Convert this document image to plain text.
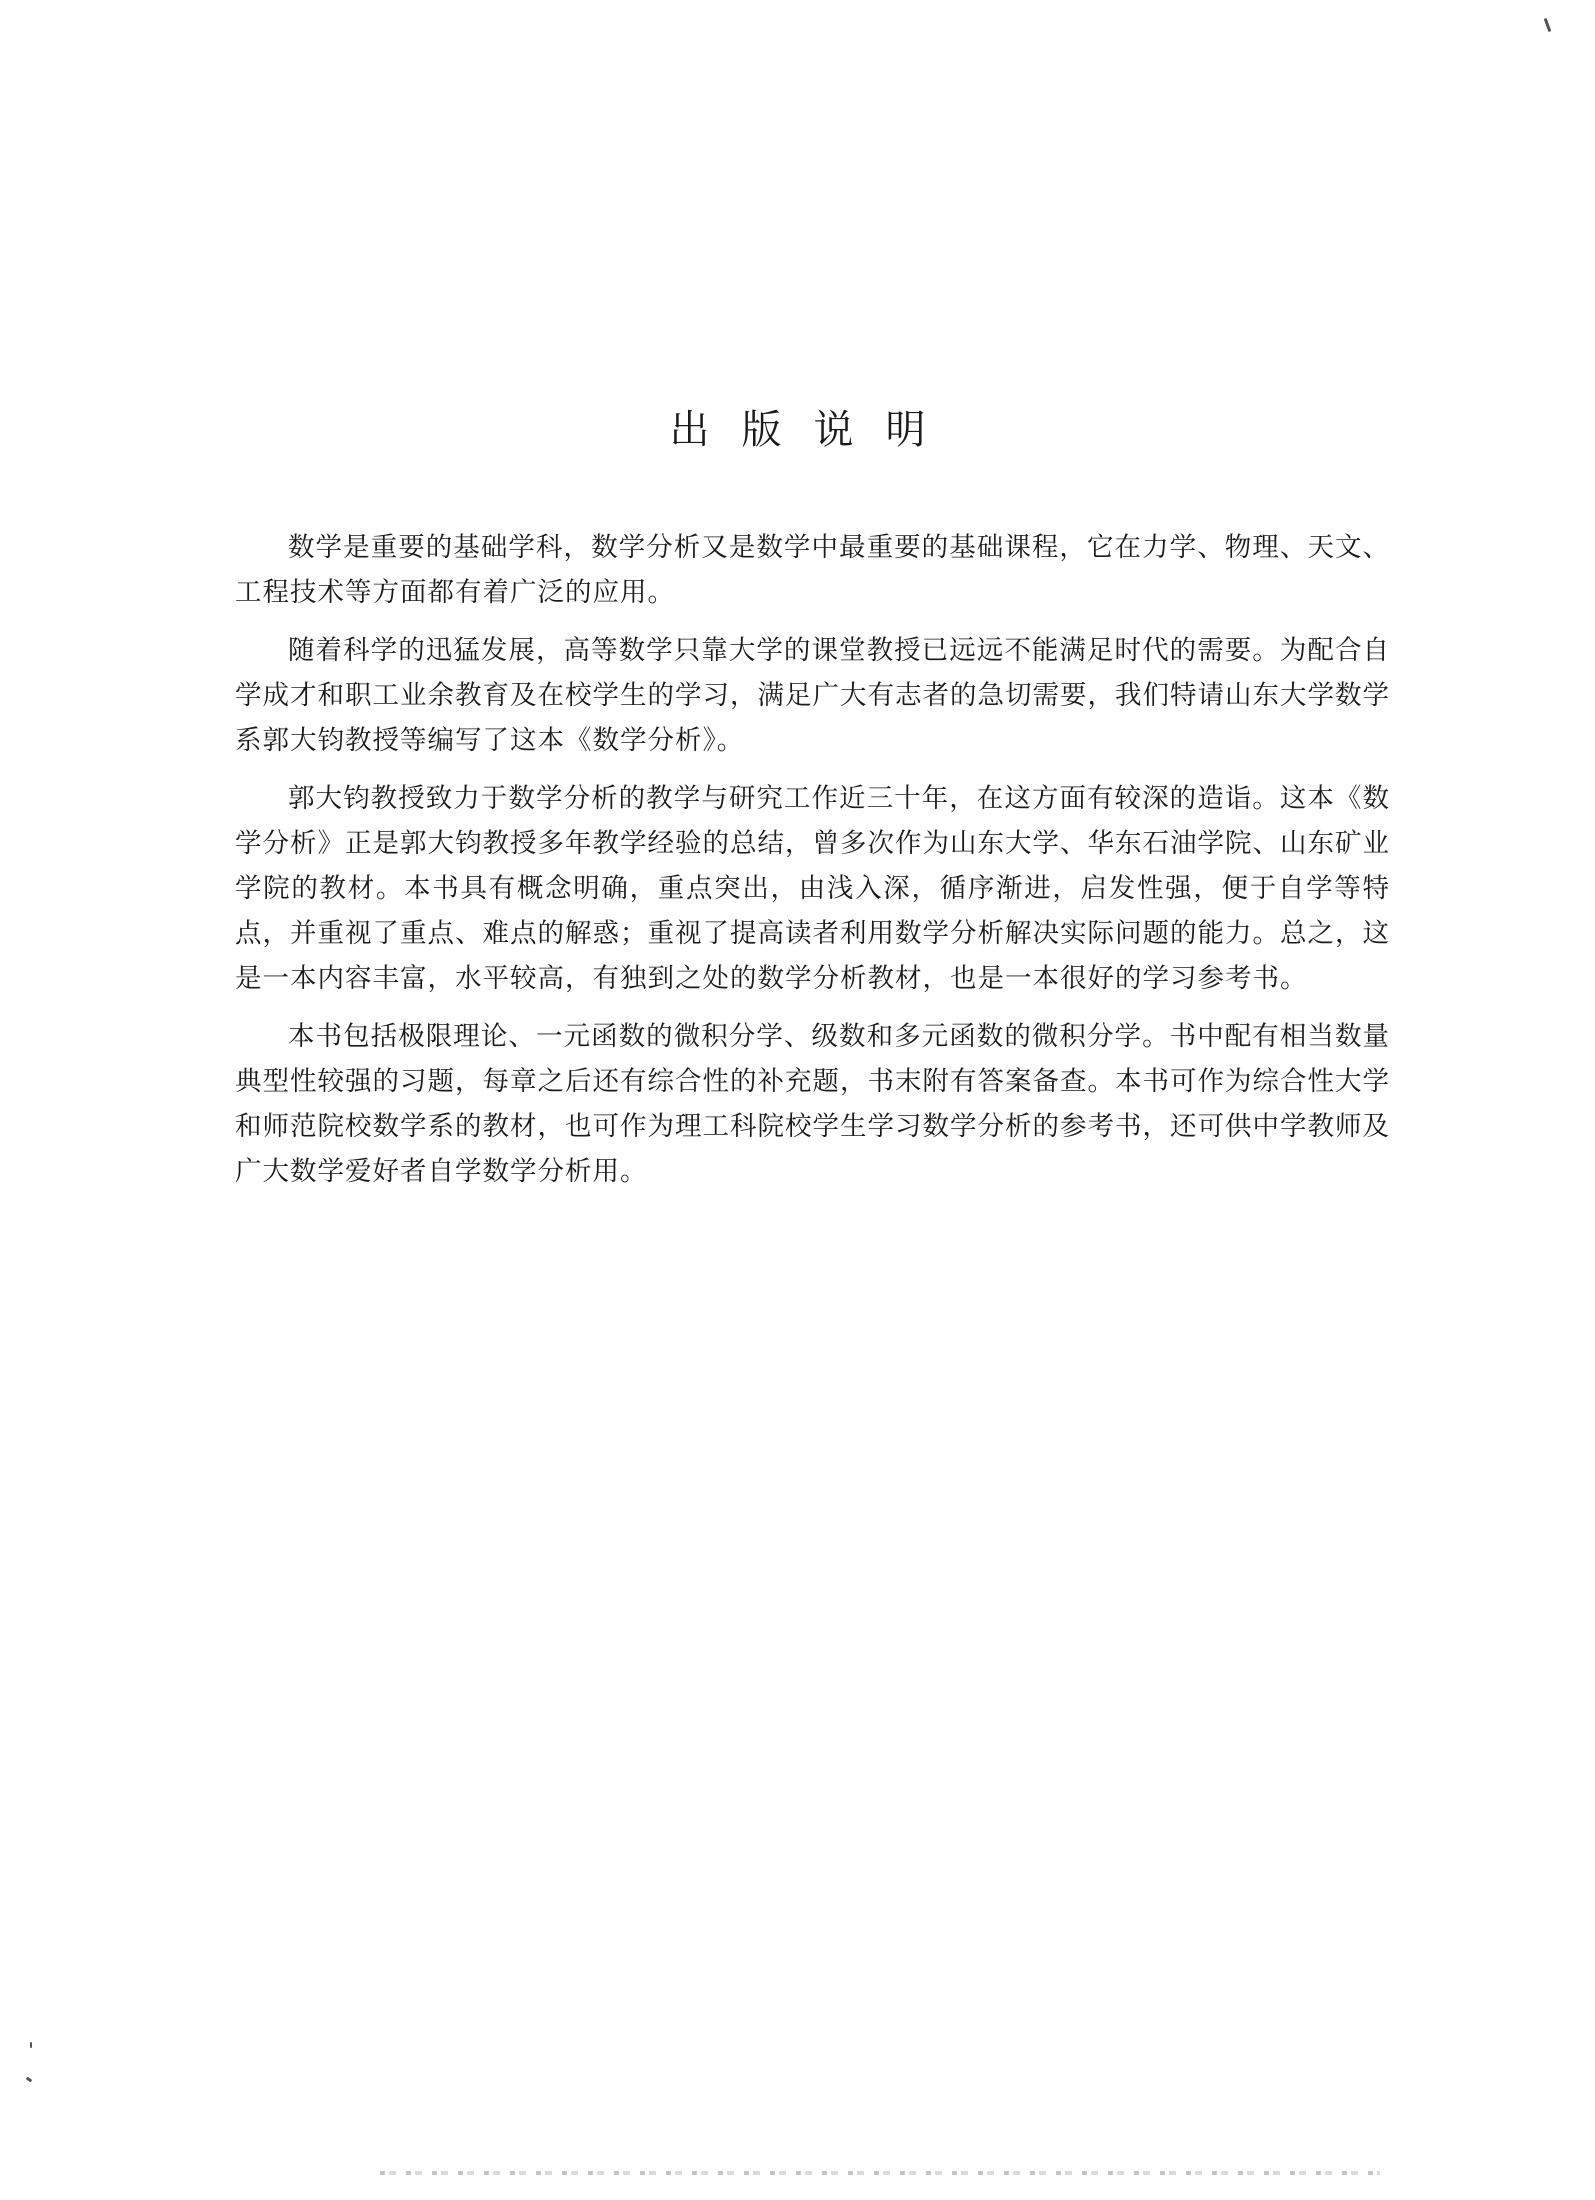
出版说明

数学是重要的基础学科，数学分析又是数学中最重要的基础课程，它在力学、物理、天文、工程技术等方面都有着广泛的应用。

随着科学的迅猛发展，高等数学只靠大学的课堂教授已远远不能满足时代的需要。为配合自学成才和职工业余教育及在校学生的学习，满足广大有志者的急切需要，我们特请山东大学数学系郭大钧教授等编写了这本《数学分析》。

郭大钧教授致力于数学分析的教学与研究工作近三十年，在这方面有较深的造诣。这本《数学分析》正是郭大钧教授多年教学经验的总结，曾多次作为山东大学、华东石油学院、山东矿业学院的教材。本书具有概念明确，重点突出，由浅入深，循序渐进，启发性强，便于自学等特点，并重视了重点、难点的解惑；重视了提高读者利用数学分析解决实际问题的能力。总之，这是一本内容丰富，水平较高，有独到之处的数学分析教材，也是一本很好的学习参考书。

本书包括极限理论、一元函数的微积分学、级数和多元函数的微积分学。书中配有相当数量典型性较强的习题，每章之后还有综合性的补充题，书末附有答案备查。本书可作为综合性大学和师范院校数学系的教材，也可作为理工科院校学生学习数学分析的参考书，还可供中学教师及广大数学爱好者自学数学分析用。
